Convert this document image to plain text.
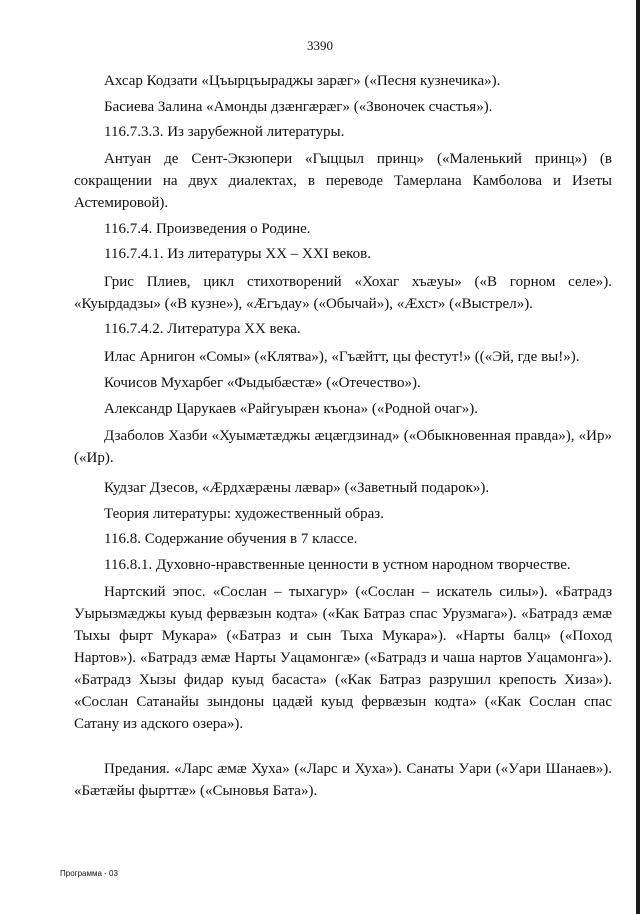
3390

Ахсар Кодзати «Цъырцъыраджы зарæг» («Песня кузнечика»).

Басиева Залина «Амонды дзæнгæрæг» («Звоночек счастья»).

116.7.3.3. Из зарубежной литературы.

Антуан де Сент-Экзюпери «Гыццыл принц» («Маленький принц») (в сокращении на двух диалектах, в переводе Тамерлана Камболова и Изеты Астемировой).

116.7.4. Произведения о Родине.

116.7.4.1. Из литературы XX – XXI веков.

Грис Плиев, цикл стихотворений «Хохаг хъæуы» («В горном селе»). «Куырдадзы» («В кузне»), «Æгъдау» («Обычай»), «Æхст» («Выстрел»).

116.7.4.2. Литература XX века.

Илас Арнигон «Сомы» («Клятва»), «Гъæйтт, цы фестут!» ((«Эй, где вы!»).

Кочисов Мухарбег «Фыдыбæстæ» («Отечество»).

Александр Царукаев «Райгуырæн къона» («Родной очаг»).

Дзаболов Хазби «Хуымæтæджы æцæгдзинад» («Обыкновенная правда»), «Ир» («Ир).

Кудзаг Дзесов, «Æрдхæрæны лæвар» («Заветный подарок»).

Теория литературы: художественный образ.

116.8. Содержание обучения в 7 классе.

116.8.1. Духовно-нравственные ценности в устном народном творчестве.

Нартский эпос. «Сослан – тыхагур» («Сослан – искатель силы»). «Батрадз Уырызмæджы куыд фервæзын кодта» («Как Батраз спас Урузмага»). «Батрадз æмæ Тыхы фырт Мукара» («Батраз и сын Тыха Мукара»). «Нарты балц» («Поход Нартов»). «Батрадз æмæ Нарты Уацамонгæ» («Батрадз и чаша нартов Уацамонга»). «Батрадз Хызы фидар куыд басаста» («Как Батраз разрушил крепость Хиза»). «Сослан Сатанайы зындоны цадæй куыд фервæзын кодта» («Как Сослан спас Сатану из адского озера»).

Предания. «Ларс æмæ Хуха» («Ларс и Хуха»). Санаты Уари («Уари Шанаев»). «Бæтæйы фырттæ» («Сыновья Бата»).

Программа - 03
